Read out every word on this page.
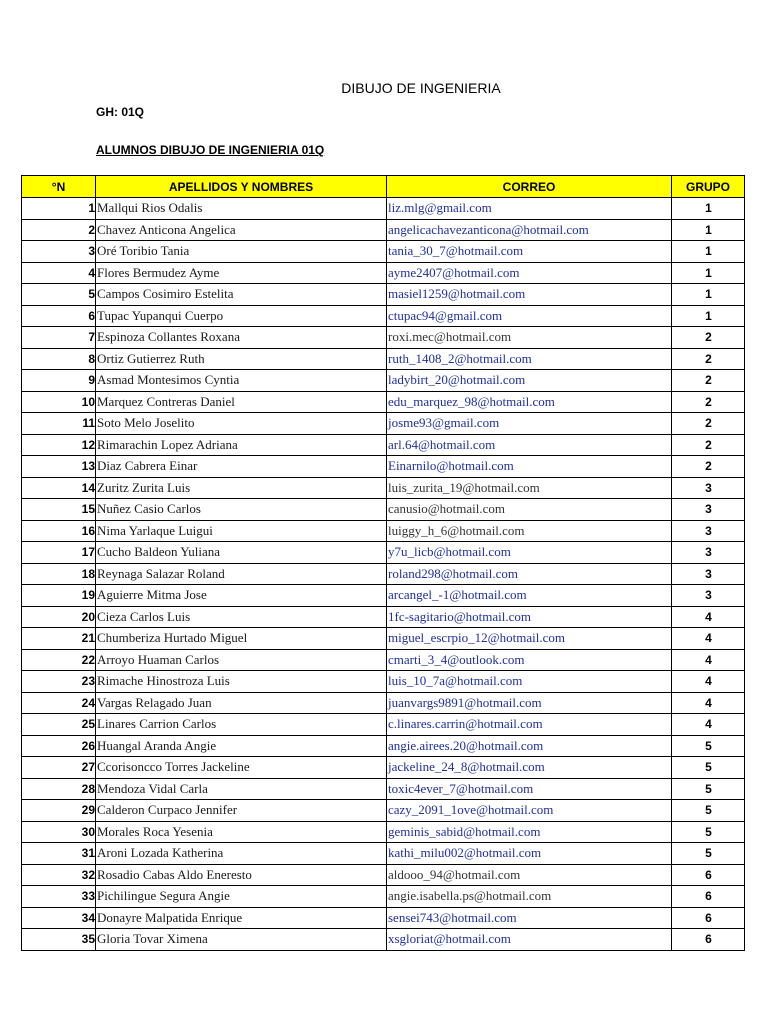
DIBUJO DE INGENIERIA
GH: 01Q
ALUMNOS DIBUJO DE INGENIERIA 01Q
°N	APELLIDOS Y NOMBRES	CORREO	GRUPO
1	Mallqui Rios Odalis	liz.mlg@gmail.com	1
2	Chavez Anticona Angelica	angelicachavezanticona@hotmail.com	1
3	Oré Toribio Tania	tania_30_7@hotmail.com	1
4	Flores Bermudez Ayme	ayme2407@hotmail.com	1
5	Campos Cosimiro Estelita	masiel1259@hotmail.com	1
6	Tupac Yupanqui Cuerpo	ctupac94@gmail.com	1
7	Espinoza Collantes Roxana	roxi.mec@hotmail.com	2
8	Ortiz Gutierrez Ruth	ruth_1408_2@hotmail.com	2
9	Asmad Montesimos Cyntia	ladybirt_20@hotmail.com	2
10	Marquez Contreras Daniel	edu_marquez_98@hotmail.com	2
11	Soto Melo Joselito	josme93@gmail.com	2
12	Rimarachin Lopez Adriana	arl.64@hotmail.com	2
13	Diaz Cabrera Einar	Einarnilo@hotmail.com	2
14	Zuritz Zurita Luis	luis_zurita_19@hotmail.com	3
15	Nuñez Casio Carlos	canusio@hotmail.com	3
16	Nima Yarlaque Luigui	luiggy_h_6@hotmail.com	3
17	Cucho Baldeon Yuliana	y7u_licb@hotmail.com	3
18	Reynaga Salazar Roland	roland298@hotmail.com	3
19	Aguierre Mitma Jose	arcangel_-1@hotmail.com	3
20	Cieza Carlos Luis	1fc-sagitario@hotmail.com	4
21	Chumberiza Hurtado Miguel	miguel_escrpio_12@hotmail.com	4
22	Arroyo Huaman Carlos	cmarti_3_4@outlook.com	4
23	Rimache Hinostroza Luis	luis_10_7a@hotmail.com	4
24	Vargas Relagado Juan	juanvargs9891@hotmail.com	4
25	Linares Carrion Carlos	c.linares.carrin@hotmail.com	4
26	Huangal Aranda Angie	angie.airees.20@hotmail.com	5
27	Ccorisoncco Torres Jackeline	jackeline_24_8@hotmail.com	5
28	Mendoza Vidal Carla	toxic4ever_7@hotmail.com	5
29	Calderon Curpaco Jennifer	cazy_2091_1ove@hotmail.com	5
30	Morales Roca Yesenia	geminis_sabid@hotmail.com	5
31	Aroni Lozada Katherina	kathi_milu002@hotmail.com	5
32	Rosadio Cabas Aldo Eneresto	aldooo_94@hotmail.com	6
33	Pichilingue Segura Angie	angie.isabella.ps@hotmail.com	6
34	Donayre Malpatida Enrique	sensei743@hotmail.com	6
35	Gloria Tovar Ximena	xsgloriat@hotmail.com	6
